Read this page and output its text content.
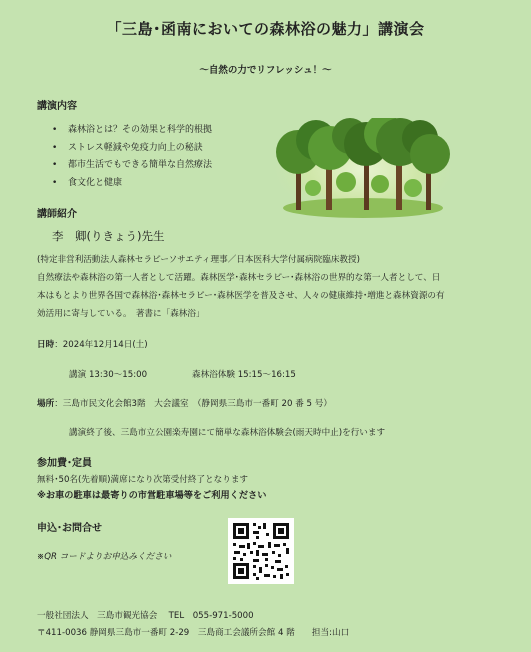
「三島･函南においての森林浴の魅力」講演会
～自然の力でリフレッシュ！～
講演内容
• 森林浴とは？その効果と科学的根拠
• ストレス軽減や免疫力向上の秘訣
• 都市生活でもできる簡単な自然療法
• 食文化と健康
講師紹介
李　卿(りきょう)先生
(特定非営利活動法人森林セラピーソサエティ理事／日本医科大学付属病院臨床教授)
自然療法や森林浴の第一人者として活躍。森林医学･森林セラピー･森林浴の世界的な第一人者として、日
本はもとより世界各国で森林浴･森林セラピー･森林医学を普及させ、人々の健康維持･増進と森林資源の有
効活用に寄与している。　著書に「森林浴」
日時：2024年12月14日(土)
講演 13:30～15:00	森林浴体験 15:15～16:15
場所：三島市民文化会館3階　大会議室　（静岡県三島市一番町 20 番 5 号）
講演終了後、三島市立公園楽寿園にて簡単な森林浴体験会(雨天時中止)を行います
参加費･定員
無料･50名(先着順)満席になり次第受付終了となります
※お車の駐車は最寄りの市営駐車場等をご利用ください
申込･お問合せ
※QR コードよりお申込みください
一般社団法人　三島市観光協会　 TEL　055-971-5000
〒411-0036 静岡県三島市一番町 2-29　三島商工会議所会館 4 階　　担当:山口
